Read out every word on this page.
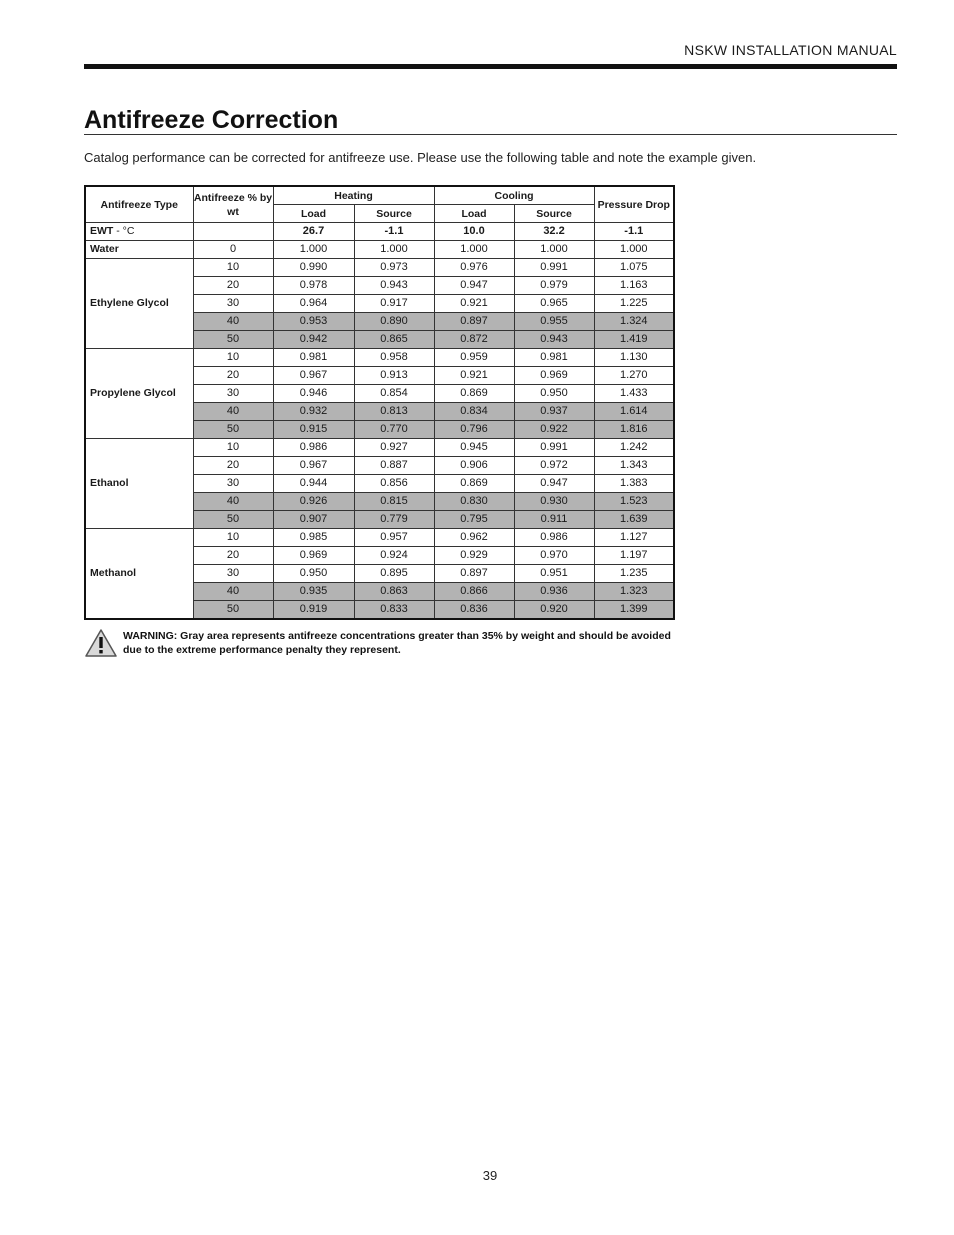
NSKW INSTALLATION MANUAL
Antifreeze Correction

Catalog performance can be corrected for antifreeze use. Please use the following table and note the example given.

Antifreeze Type	Antifreeze % by wt	Heating		Cooling		Pressure Drop
		Load	Source	Load	Source	
EWT - °C		26.7	-1.1	10.0	32.2	-1.1
Water	0	1.000	1.000	1.000	1.000	1.000
Ethylene Glycol	10	0.990	0.973	0.976	0.991	1.075
	20	0.978	0.943	0.947	0.979	1.163
	30	0.964	0.917	0.921	0.965	1.225
	40	0.953	0.890	0.897	0.955	1.324
	50	0.942	0.865	0.872	0.943	1.419
Propylene Glycol	10	0.981	0.958	0.959	0.981	1.130
	20	0.967	0.913	0.921	0.969	1.270
	30	0.946	0.854	0.869	0.950	1.433
	40	0.932	0.813	0.834	0.937	1.614
	50	0.915	0.770	0.796	0.922	1.816
Ethanol	10	0.986	0.927	0.945	0.991	1.242
	20	0.967	0.887	0.906	0.972	1.343
	30	0.944	0.856	0.869	0.947	1.383
	40	0.926	0.815	0.830	0.930	1.523
	50	0.907	0.779	0.795	0.911	1.639
Methanol	10	0.985	0.957	0.962	0.986	1.127
	20	0.969	0.924	0.929	0.970	1.197
	30	0.950	0.895	0.897	0.951	1.235
	40	0.935	0.863	0.866	0.936	1.323
	50	0.919	0.833	0.836	0.920	1.399

WARNING: Gray area represents antifreeze concentrations greater than 35% by weight and should be avoided due to the extreme performance penalty they represent.

39
